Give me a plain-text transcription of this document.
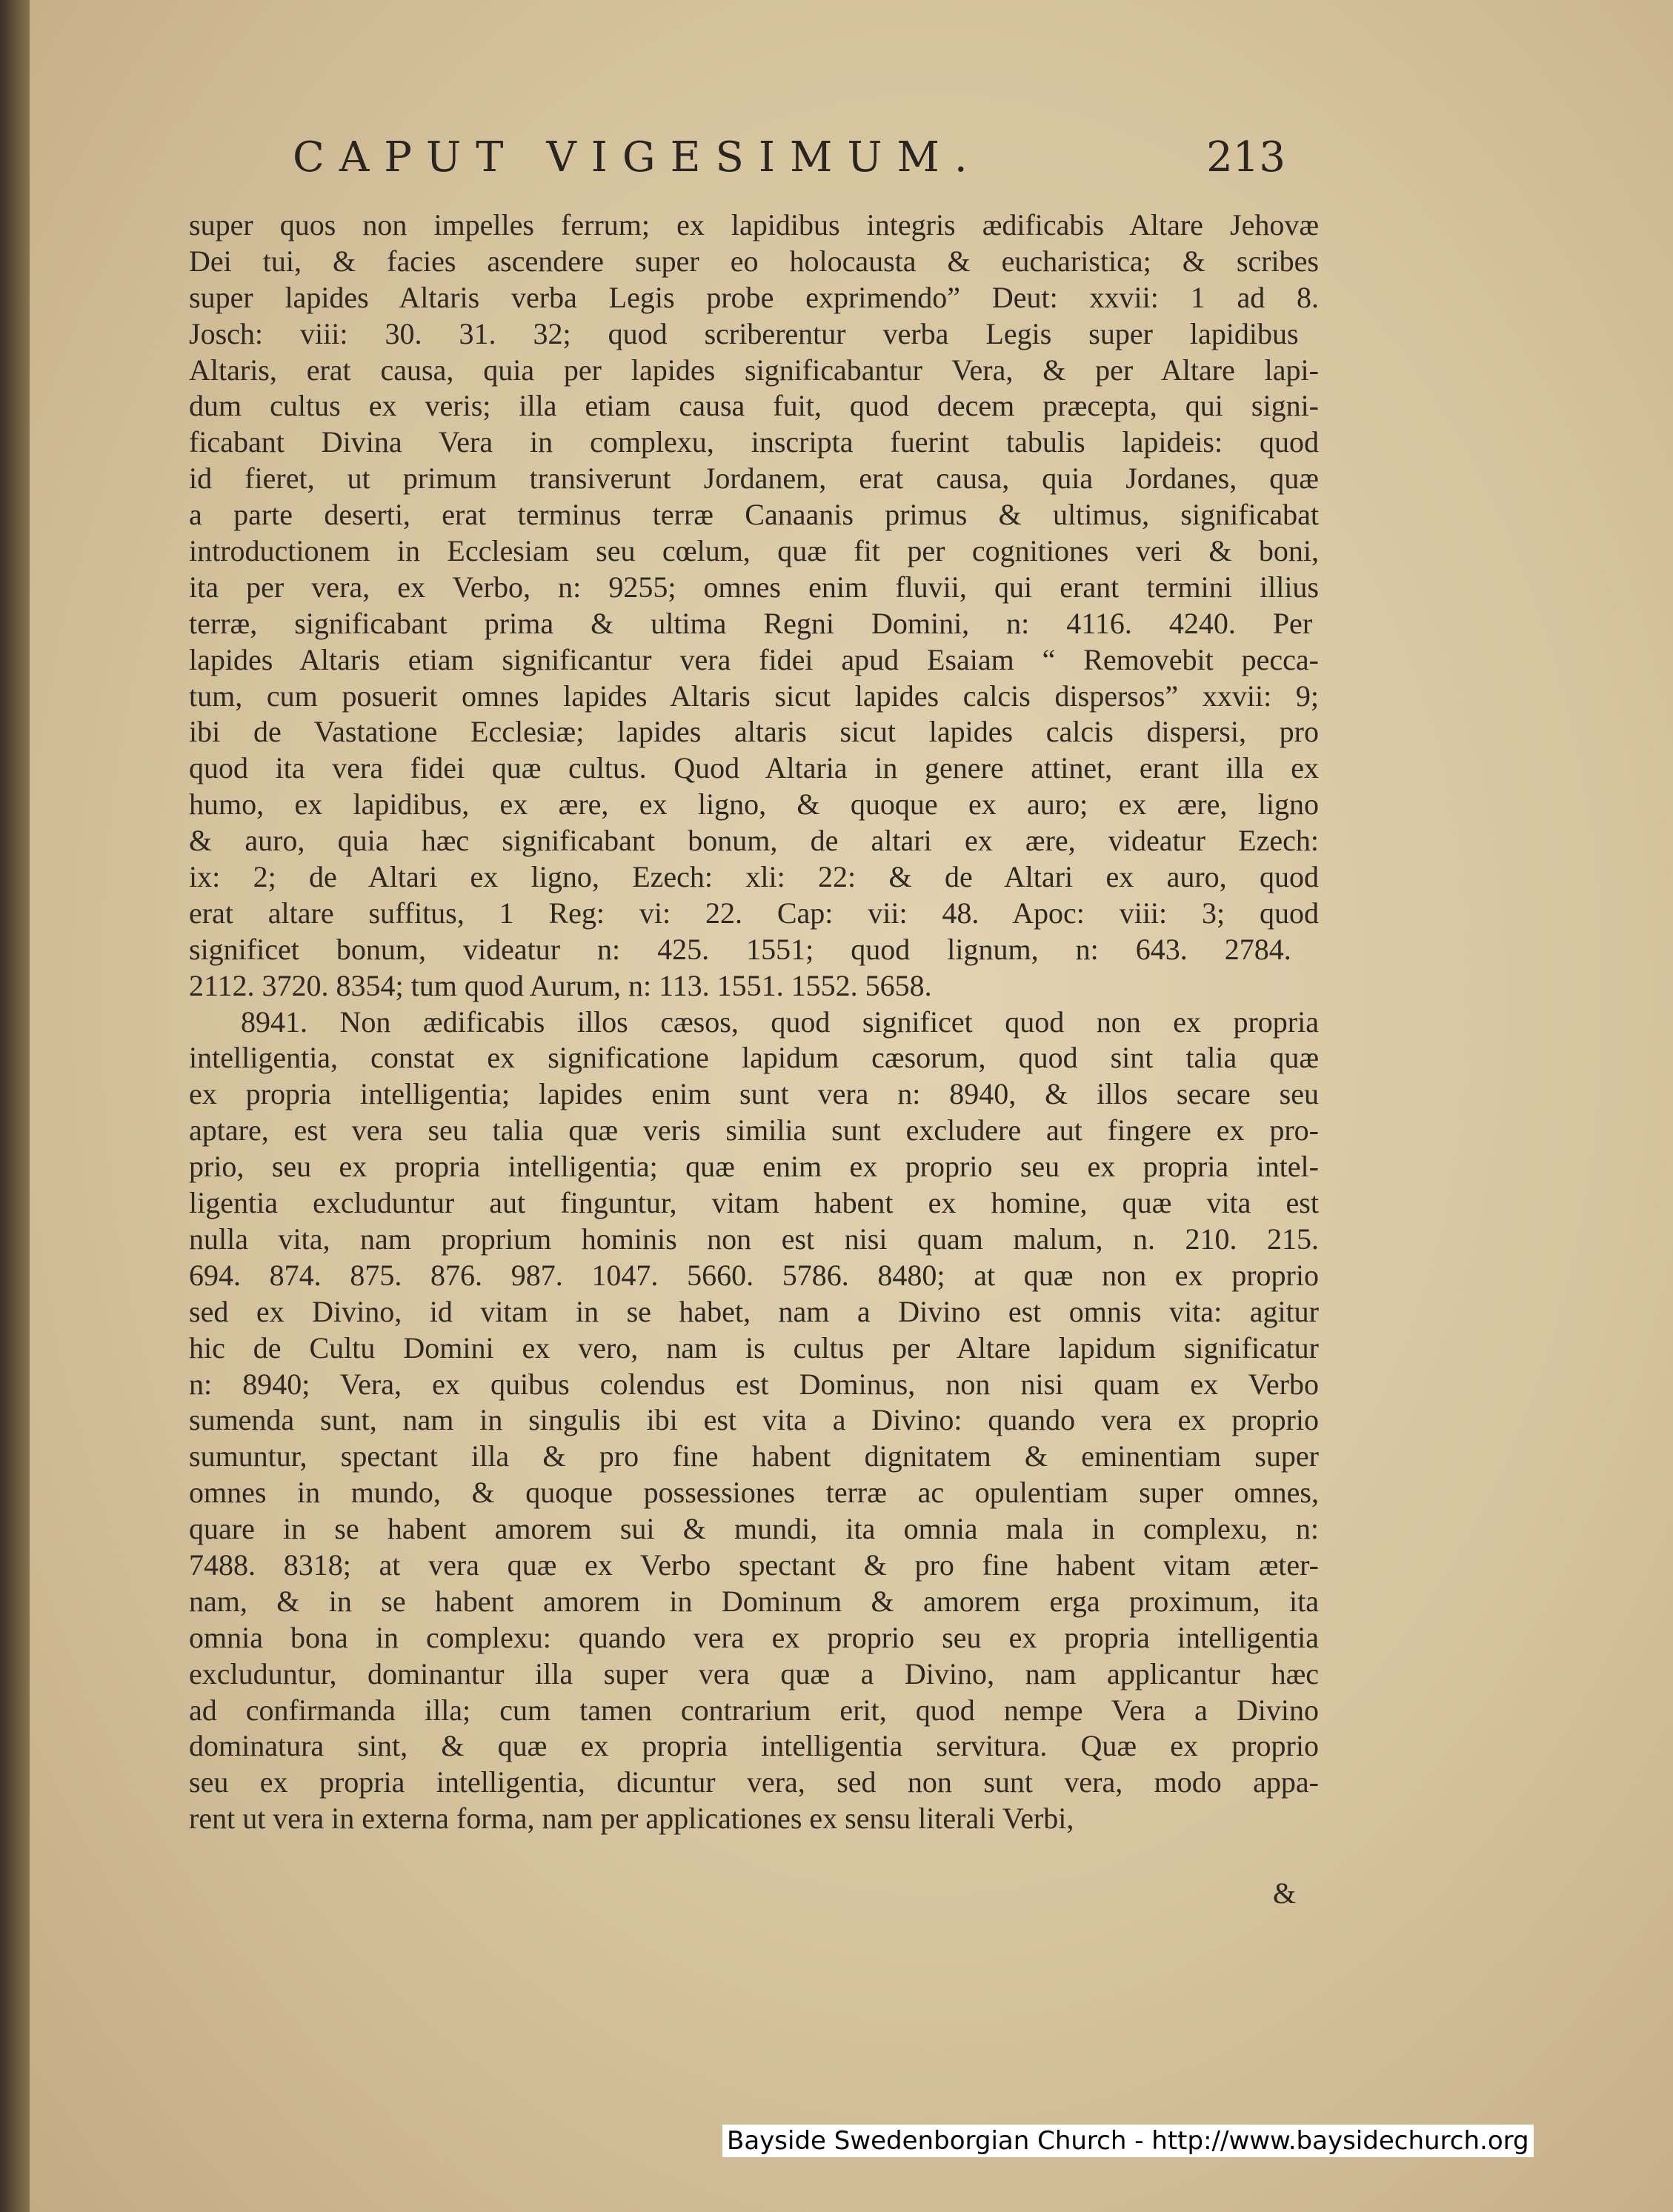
CAPUT VIGESIMUM.	213
super quos non impelles ferrum; ex lapidibus integris ædificabis Altare Jehovæ
Dei tui, & facies ascendere super eo holocausta & eucharistica; & scribes
super lapides Altaris verba Legis probe exprimendo” Deut: xxvii: 1 ad 8.
Josch: viii: 30. 31. 32; quod scriberentur verba Legis super lapidibus
Altaris, erat causa, quia per lapides significabantur Vera, & per Altare lapi-
dum cultus ex veris; illa etiam causa fuit, quod decem præcepta, qui signi-
ficabant Divina Vera in complexu, inscripta fuerint tabulis lapideis: quod
id fieret, ut primum transiverunt Jordanem, erat causa, quia Jordanes, quæ
a parte deserti, erat terminus terræ Canaanis primus & ultimus, significabat
introductionem in Ecclesiam seu cœlum, quæ fit per cognitiones veri & boni,
ita per vera, ex Verbo, n: 9255; omnes enim fluvii, qui erant termini illius
terræ, significabant prima & ultima Regni Domini, n: 4116. 4240. Per
lapides Altaris etiam significantur vera fidei apud Esaiam “ Removebit pecca-
tum, cum posuerit omnes lapides Altaris sicut lapides calcis dispersos” xxvii: 9;
ibi de Vastatione Ecclesiæ; lapides altaris sicut lapides calcis dispersi, pro
quod ita vera fidei quæ cultus. Quod Altaria in genere attinet, erant illa ex
humo, ex lapidibus, ex ære, ex ligno, & quoque ex auro; ex ære, ligno
& auro, quia hæc significabant bonum, de altari ex ære, videatur Ezech:
ix: 2; de Altari ex ligno, Ezech: xli: 22: & de Altari ex auro, quod
erat altare suffitus, 1 Reg: vi: 22. Cap: vii: 48. Apoc: viii: 3; quod
significet bonum, videatur n: 425. 1551; quod lignum, n: 643. 2784.
2112. 3720. 8354; tum quod Aurum, n: 113. 1551. 1552. 5658.
8941. Non ædificabis illos cæsos, quod significet quod non ex propria
intelligentia, constat ex significatione lapidum cæsorum, quod sint talia quæ
ex propria intelligentia; lapides enim sunt vera n: 8940, & illos secare seu
aptare, est vera seu talia quæ veris similia sunt excludere aut fingere ex pro-
prio, seu ex propria intelligentia; quæ enim ex proprio seu ex propria intel-
ligentia excluduntur aut finguntur, vitam habent ex homine, quæ vita est
nulla vita, nam proprium hominis non est nisi quam malum, n. 210. 215.
694. 874. 875. 876. 987. 1047. 5660. 5786. 8480; at quæ non ex proprio
sed ex Divino, id vitam in se habet, nam a Divino est omnis vita: agitur
hic de Cultu Domini ex vero, nam is cultus per Altare lapidum significatur
n: 8940; Vera, ex quibus colendus est Dominus, non nisi quam ex Verbo
sumenda sunt, nam in singulis ibi est vita a Divino: quando vera ex proprio
sumuntur, spectant illa & pro fine habent dignitatem & eminentiam super
omnes in mundo, & quoque possessiones terræ ac opulentiam super omnes,
quare in se habent amorem sui & mundi, ita omnia mala in complexu, n:
7488. 8318; at vera quæ ex Verbo spectant & pro fine habent vitam æter-
nam, & in se habent amorem in Dominum & amorem erga proximum, ita
omnia bona in complexu: quando vera ex proprio seu ex propria intelligentia
excluduntur, dominantur illa super vera quæ a Divino, nam applicantur hæc
ad confirmanda illa; cum tamen contrarium erit, quod nempe Vera a Divino
dominatura sint, & quæ ex propria intelligentia servitura. Quæ ex proprio
seu ex propria intelligentia, dicuntur vera, sed non sunt vera, modo appa-
rent ut vera in externa forma, nam per applicationes ex sensu literali Verbi,
&
Bayside Swedenborgian Church - http://www.baysidechurch.org
